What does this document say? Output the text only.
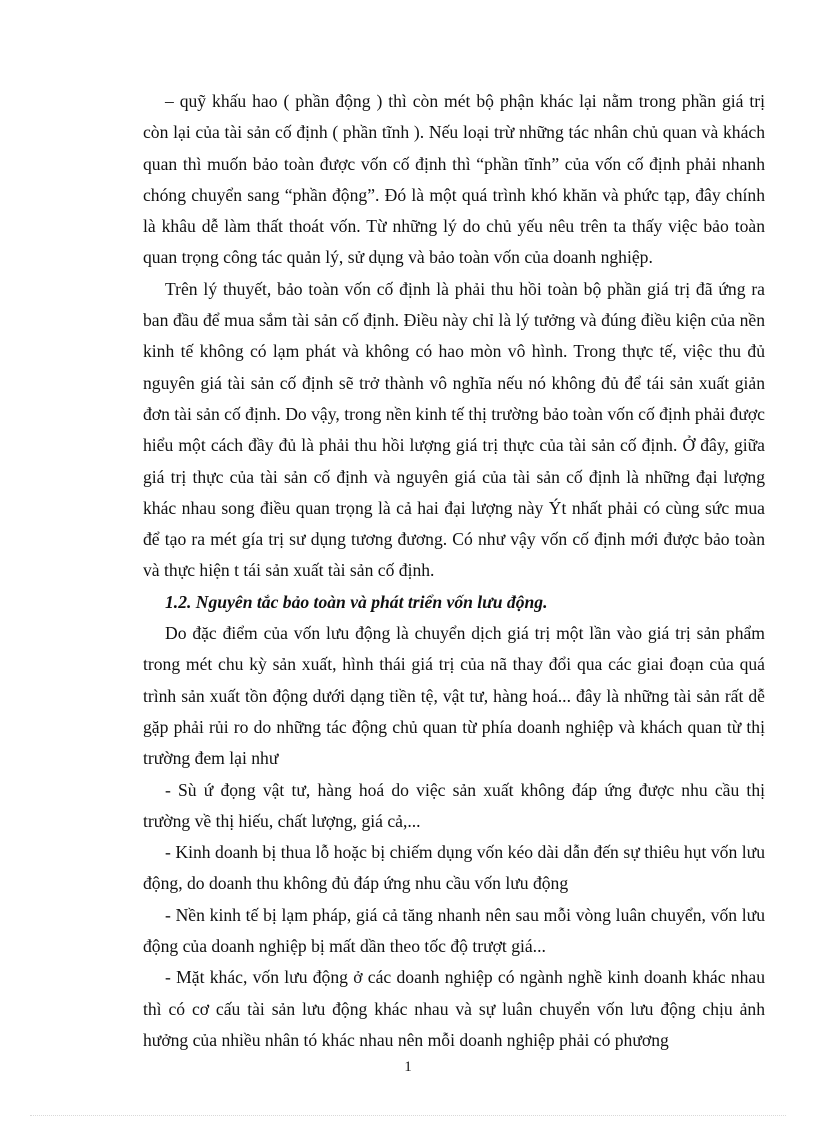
– quỹ khấu hao ( phần động ) thì còn mét bộ phận khác lại nằm trong phần giá trị còn lại của tài sản cố định ( phần tĩnh ). Nếu loại trừ những tác nhân chủ quan và khách quan thì muốn bảo toàn được vốn cố định thì “phần tĩnh” của vốn cố định phải nhanh chóng chuyển sang “phần động”. Đó là một quá trình khó khăn và phức tạp, đây chính là khâu dễ làm thất thoát vốn. Từ những lý do chủ yếu nêu trên ta thấy việc bảo toàn quan trọng công tác quản lý, sử dụng và bảo toàn vốn của doanh nghiệp.

Trên lý thuyết, bảo toàn vốn cố định là phải thu hồi toàn bộ phần giá trị đã ứng ra ban đầu để mua sắm tài sản cố định. Điều này chỉ là lý tưởng và đúng điều kiện của nền kinh tế không có lạm phát và không có hao mòn vô hình. Trong thực tế, việc thu đủ nguyên giá tài sản cố định sẽ trở thành vô nghĩa nếu nó không đủ để tái sản xuất giản đơn tài sản cố định. Do vậy, trong nền kinh tế thị trường bảo toàn vốn cố định phải được hiểu một cách đầy đủ là phải thu hồi lượng giá trị thực của tài sản cố định. Ở đây, giữa giá trị thực của tài sản cố định và nguyên giá của tài sản cố định là những đại lượng khác nhau song điều quan trọng là cả hai đại lượng này Ýt nhất phải có cùng sức mua để tạo ra mét gía trị sư dụng tương đương. Có như vậy vốn cố định mới được bảo toàn và thực hiện t tái sản xuất tài sản cố định.

1.2. Nguyên tắc bảo toàn và phát triển vốn lưu động.

Do đặc điểm của vốn lưu động là chuyển dịch giá trị một lần vào giá trị sản phẩm trong mét chu kỳ sản xuất, hình thái giá trị của nã thay đổi qua các giai đoạn của quá trình sản xuất tồn động dưới dạng tiền tệ, vật tư, hàng hoá... đây là những tài sản rất dễ gặp phải rủi ro do những tác động chủ quan từ phía doanh nghiệp và khách quan từ thị trường đem lại như

- Sù ứ đọng vật tư, hàng hoá do việc sản xuất không đáp ứng được nhu cầu thị trường về thị hiếu, chất lượng, giá cả,...

- Kinh doanh bị thua lỗ hoặc bị chiếm dụng vốn kéo dài dẫn đến sự thiêu hụt vốn lưu động, do doanh thu không đủ đáp ứng nhu cầu vốn lưu động

- Nền kinh tế bị lạm pháp, giá cả tăng nhanh nên sau mỗi vòng luân chuyển, vốn lưu động của doanh nghiệp bị mất dần theo tốc độ trượt giá...

- Mặt khác, vốn lưu động ở các doanh nghiệp có ngành nghề kinh doanh khác nhau thì có cơ cấu tài sản lưu động khác nhau và sự luân chuyển vốn lưu động chịu ảnh hưởng của nhiều nhân tó khác nhau nên mỗi doanh nghiệp phải có phương

1
